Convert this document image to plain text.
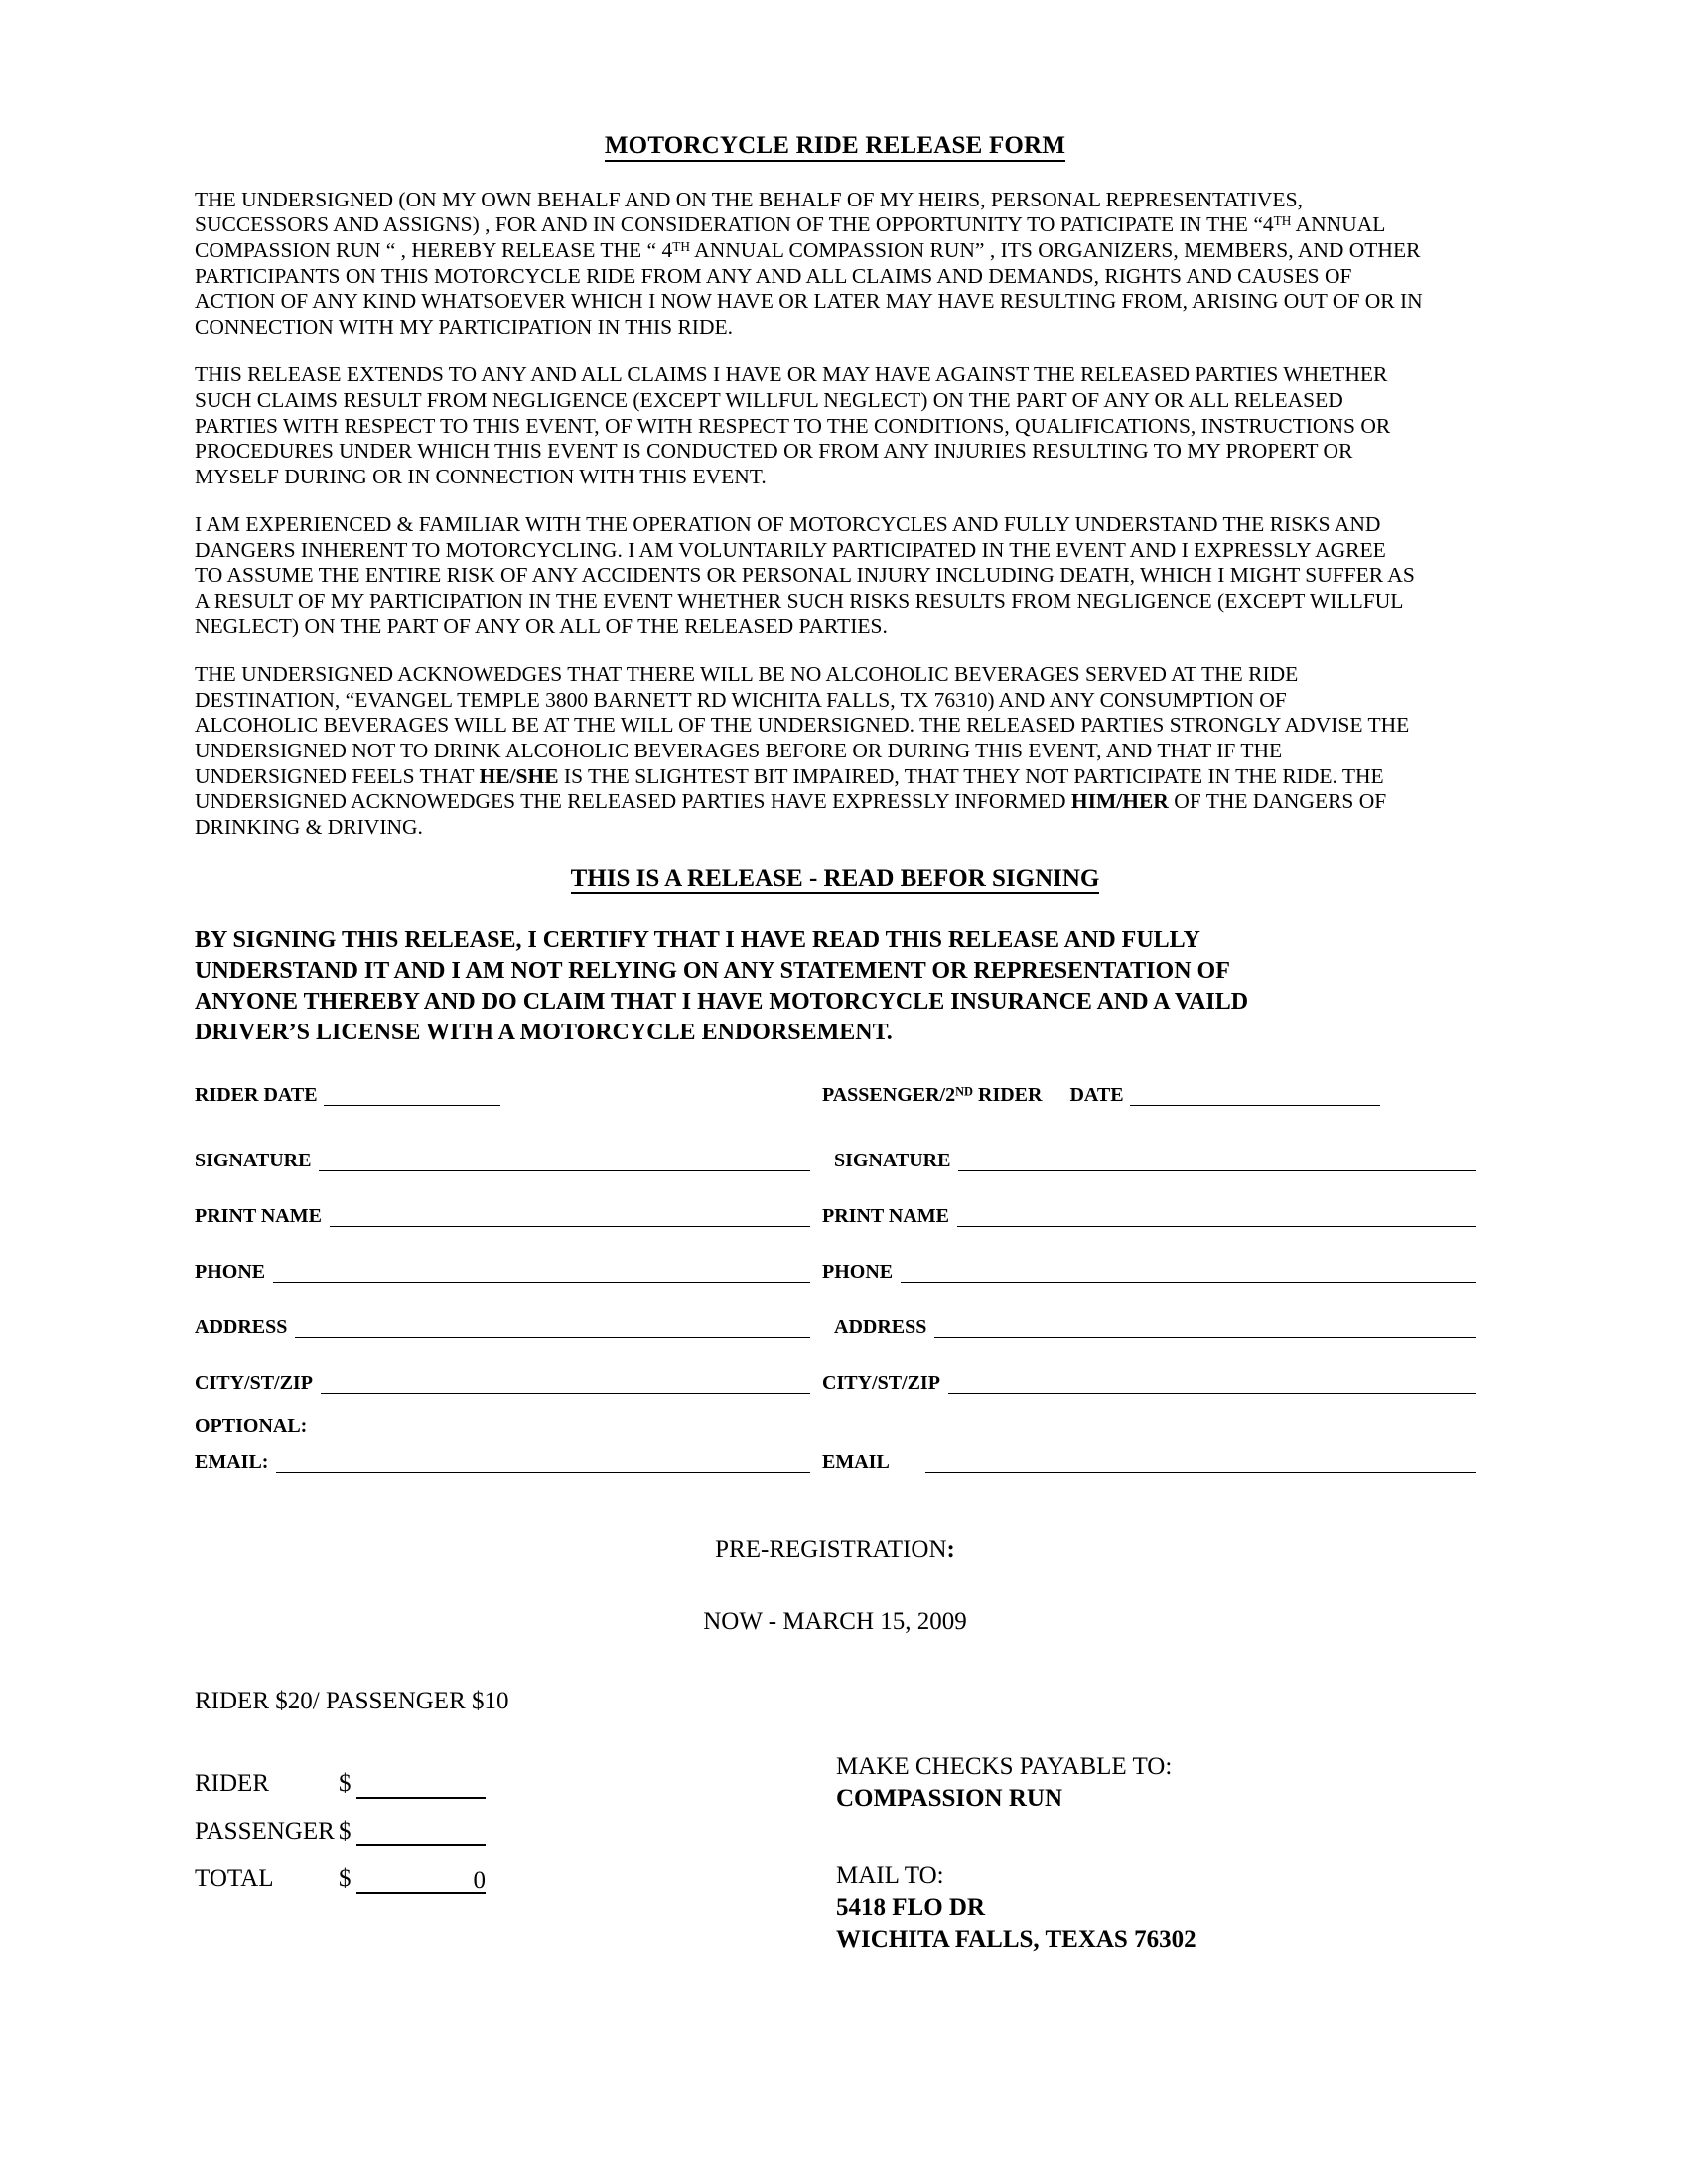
MOTORCYCLE RIDE RELEASE FORM

THE UNDERSIGNED (ON MY OWN BEHALF AND ON THE BEHALF OF MY HEIRS, PERSONAL REPRESENTATIVES,
SUCCESSORS AND ASSIGNS) , FOR AND IN CONSIDERATION OF THE OPPORTUNITY TO PATICIPATE IN THE “4TH ANNUAL
COMPASSION RUN “ , HEREBY RELEASE THE “ 4TH ANNUAL COMPASSION RUN” , ITS ORGANIZERS, MEMBERS, AND OTHER
PARTICIPANTS ON THIS MOTORCYCLE RIDE FROM ANY AND ALL CLAIMS AND DEMANDS, RIGHTS AND CAUSES OF
ACTION OF ANY KIND WHATSOEVER WHICH I NOW HAVE OR LATER MAY HAVE RESULTING FROM, ARISING OUT OF OR IN
CONNECTION WITH MY PARTICIPATION IN THIS RIDE.

THIS RELEASE EXTENDS TO ANY AND ALL CLAIMS I HAVE OR MAY HAVE AGAINST THE RELEASED PARTIES WHETHER
SUCH CLAIMS RESULT FROM NEGLIGENCE (EXCEPT WILLFUL NEGLECT) ON THE PART OF ANY OR ALL RELEASED
PARTIES WITH RESPECT TO THIS EVENT, OF WITH RESPECT TO THE CONDITIONS, QUALIFICATIONS, INSTRUCTIONS OR
PROCEDURES UNDER WHICH THIS EVENT IS CONDUCTED OR FROM ANY INJURIES RESULTING TO MY PROPERT OR
MYSELF DURING OR IN CONNECTION WITH THIS EVENT.

I AM EXPERIENCED & FAMILIAR WITH THE OPERATION OF MOTORCYCLES AND FULLY UNDERSTAND THE RISKS AND
DANGERS INHERENT TO MOTORCYCLING. I AM VOLUNTARILY PARTICIPATED IN THE EVENT AND I EXPRESSLY AGREE
TO ASSUME THE ENTIRE RISK OF ANY ACCIDENTS OR PERSONAL INJURY INCLUDING DEATH, WHICH I MIGHT SUFFER AS
A RESULT OF MY PARTICIPATION IN THE EVENT WHETHER SUCH RISKS RESULTS FROM NEGLIGENCE (EXCEPT WILLFUL
NEGLECT) ON THE PART OF ANY OR ALL OF THE RELEASED PARTIES.

THE UNDERSIGNED ACKNOWEDGES THAT THERE WILL BE NO ALCOHOLIC BEVERAGES SERVED AT THE RIDE
DESTINATION, “EVANGEL TEMPLE 3800 BARNETT RD WICHITA FALLS, TX 76310) AND ANY CONSUMPTION OF
ALCOHOLIC BEVERAGES WILL BE AT THE WILL OF THE UNDERSIGNED. THE RELEASED PARTIES STRONGLY ADVISE THE
UNDERSIGNED NOT TO DRINK ALCOHOLIC BEVERAGES BEFORE OR DURING THIS EVENT, AND THAT IF THE
UNDERSIGNED FEELS THAT HE/SHE IS THE SLIGHTEST BIT IMPAIRED, THAT THEY NOT PARTICIPATE IN THE RIDE. THE
UNDERSIGNED ACKNOWEDGES THE RELEASED PARTIES HAVE EXPRESSLY INFORMED HIM/HER OF THE DANGERS OF
DRINKING & DRIVING.

THIS IS A RELEASE - READ BEFOR SIGNING
BY SIGNING THIS RELEASE, I CERTIFY THAT I HAVE READ THIS RELEASE AND FULLY
UNDERSTAND IT AND I AM NOT RELYING ON ANY STATEMENT OR REPRESENTATION OF
ANYONE THEREBY AND DO CLAIM THAT I HAVE MOTORCYCLE INSURANCE AND A VAILD
DRIVER’S LICENSE WITH A MOTORCYCLE ENDORSEMENT.
RIDER DATE	PASSENGER/2ND RIDER DATE
SIGNATURE	SIGNATURE
PRINT NAME	PRINT NAME
PHONE	PHONE
ADDRESS	ADDRESS
CITY/ST/ZIP	CITY/ST/ZIP
OPTIONAL:
EMAIL:	EMAIL
PRE-REGISTRATION:
NOW - MARCH 15, 2009
RIDER $20/ PASSENGER $10
RIDER	$
PASSENGER $
TOTAL	$	0
MAKE CHECKS PAYABLE TO:
COMPASSION RUN
MAIL TO:
5418 FLO DR
WICHITA FALLS, TEXAS 76302
